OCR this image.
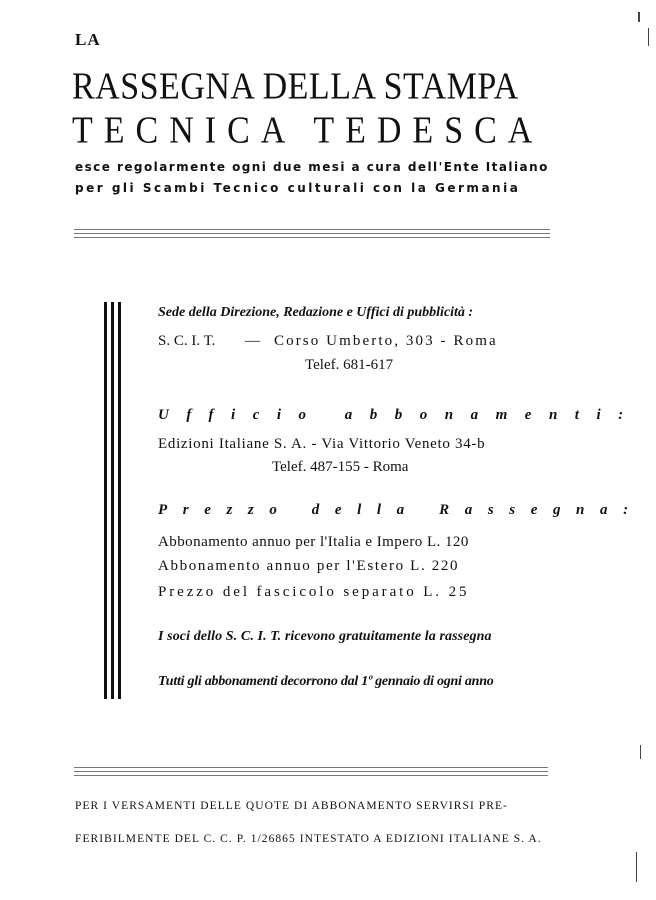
LA
RASSEGNA DELLA STAMPA
TECNICA TEDESCA
esce regolarmente ogni due mesi a cura dell'Ente Italiano
per gli Scambi Tecnico culturali con la Germania
Sede della Direzione, Redazione e Uffici di pubblicità :
S. C. I. T. — Corso Umberto, 303 - Roma
Telef. 681-617
Ufficio abbonamenti:
Edizioni Italiane S. A. - Via Vittorio Veneto 34-b
Telef. 487-155 - Roma
Prezzo della Rassegna:
Abbonamento annuo per l'Italia e Impero L. 120
Abbonamento annuo per l'Estero L. 220
Prezzo del fascicolo separato L. 25
I soci dello S. C. I. T. ricevono gratuitamente la rassegna
Tutti gli abbonamenti decorrono dal 1º gennaio di ogni anno
PER I VERSAMENTI DELLE QUOTE DI ABBONAMENTO SERVIRSI PRE-
FERIBILMENTE DEL C. C. P. 1/26865 INTESTATO A EDIZIONI ITALIANE S. A.
